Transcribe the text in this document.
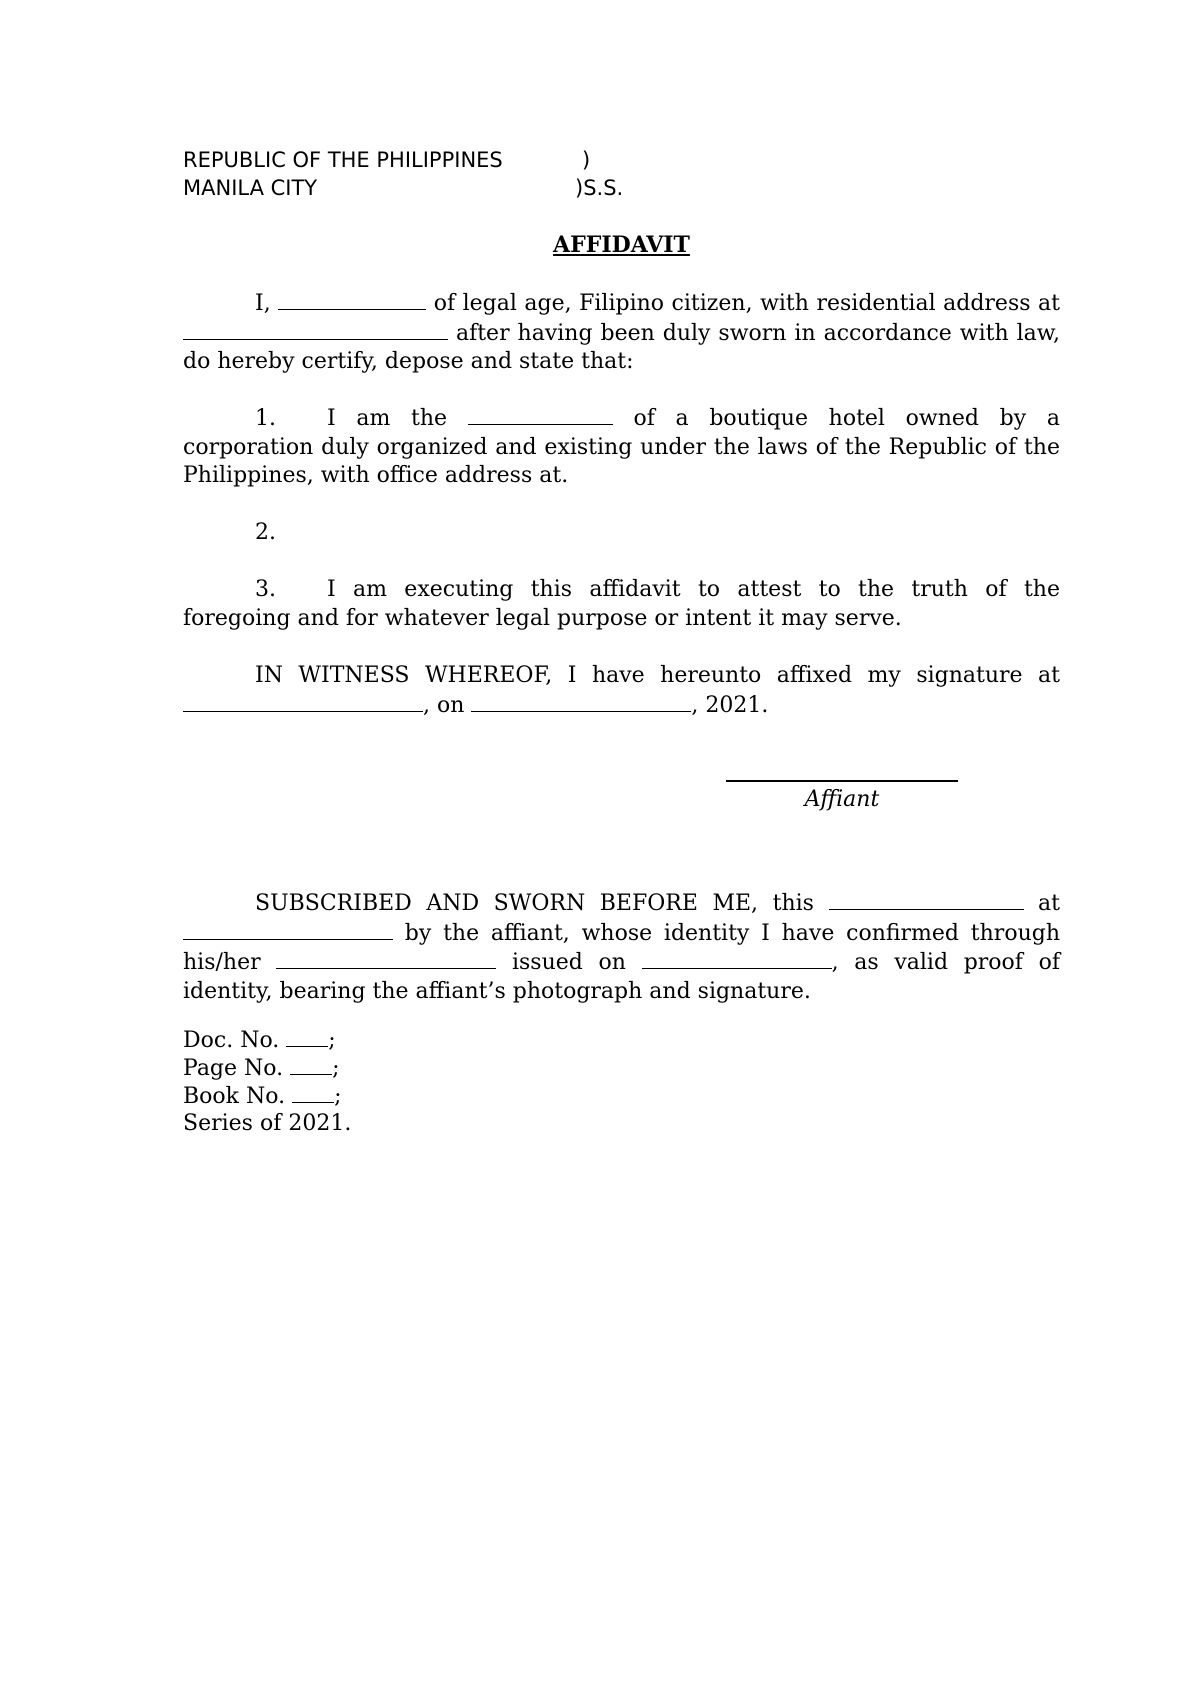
REPUBLIC OF THE PHILIPPINES	)
MANILA CITY	)S.S.
AFFIDAVIT

I,	of legal age, Filipino citizen, with residential address at  after having been duly sworn in accordance with law, do hereby certify, depose and state that:

1. I am the	of a boutique hotel owned by a corporation duly organized and existing under the laws of the Republic of the Philippines, with office address at.

2.

3. I am executing this affidavit to attest to the truth of the foregoing and for whatever legal purpose or intent it may serve.

IN WITNESS WHEREOF, I have hereunto affixed my signature at , on	, 2021.

Affiant

SUBSCRIBED AND SWORN BEFORE ME, this	at  by the affiant, whose identity I have confirmed through his/her	issued on	, as valid proof of identity, bearing the affiant’s photograph and signature.

Doc. No. ;
Page No. ;
Book No. ;
Series of 2021.
